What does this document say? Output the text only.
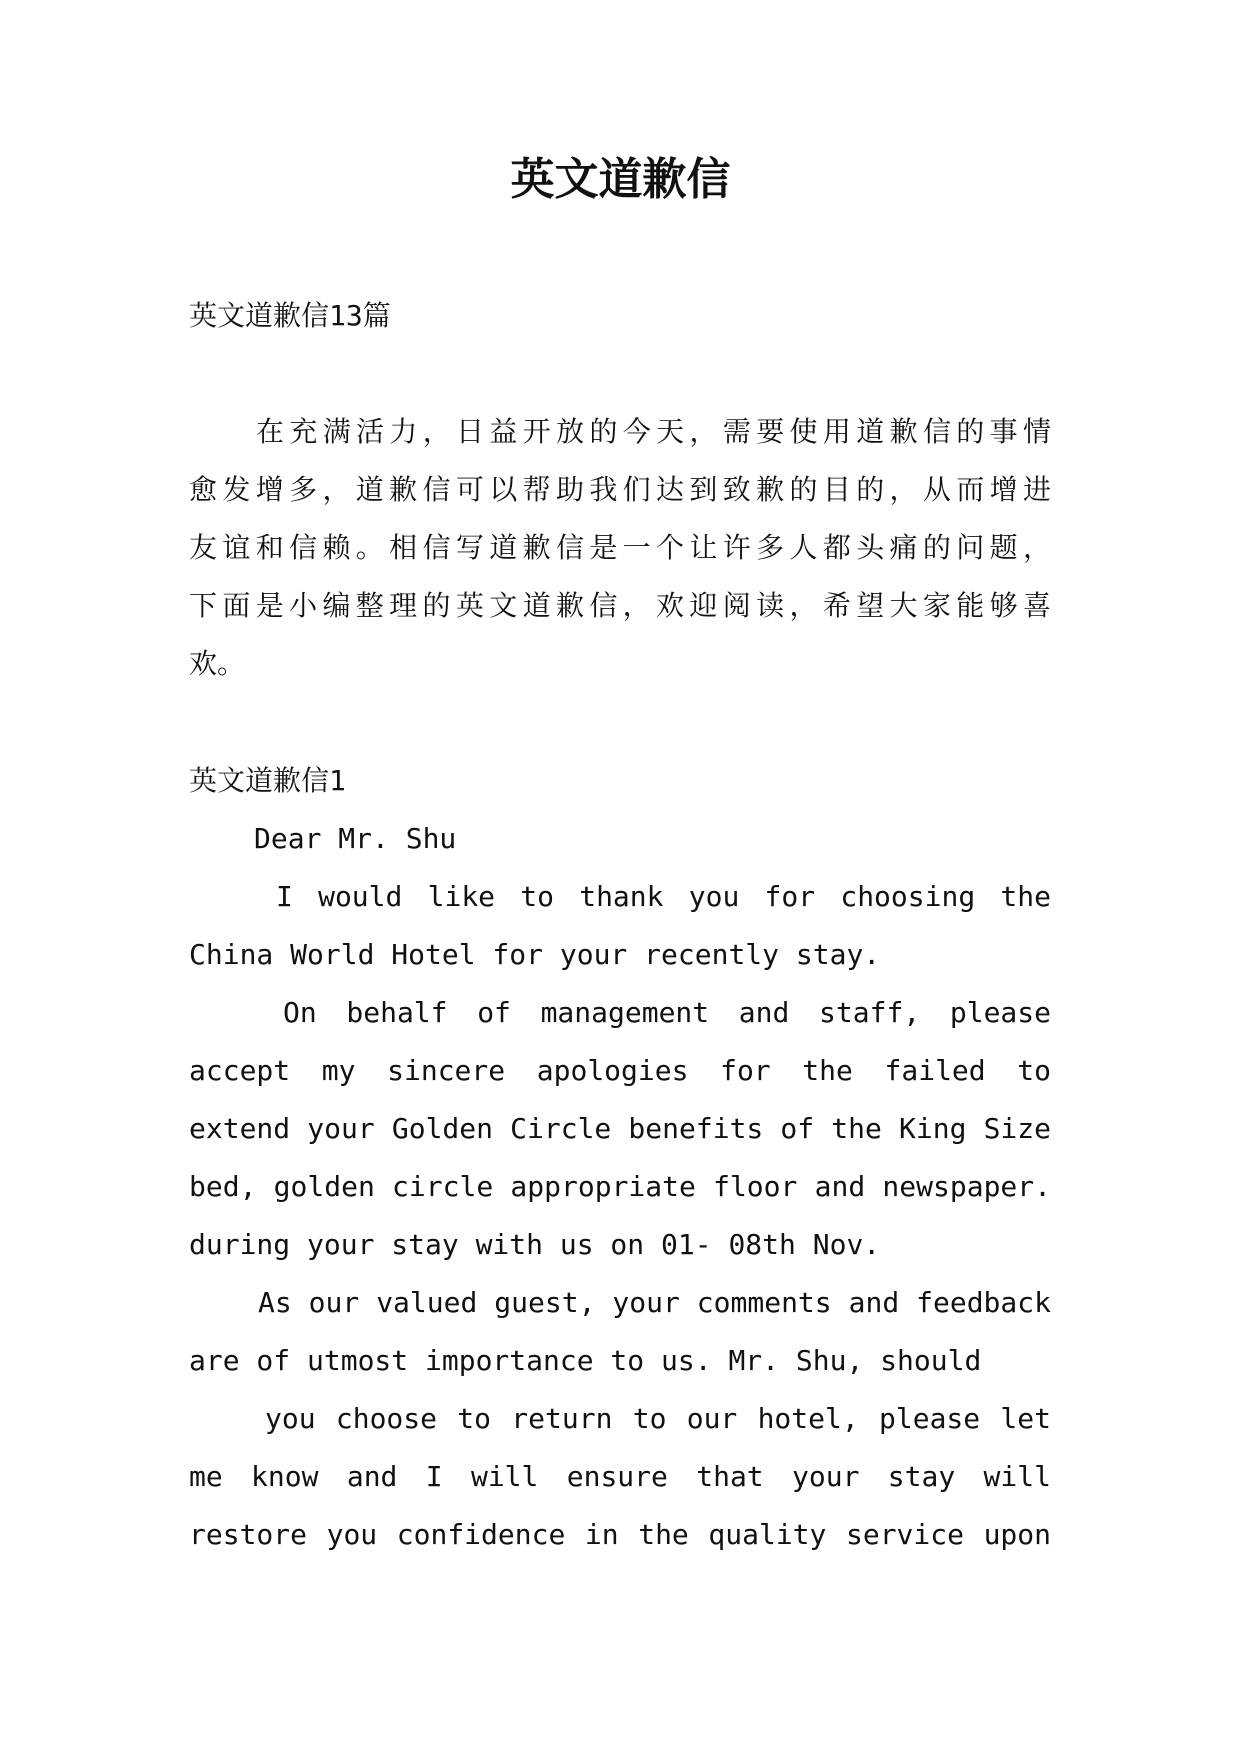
英文道歉信

英文道歉信13篇

在充满活力，日益开放的今天，需要使用道歉信的事情

愈发增多，道歉信可以帮助我们达到致歉的目的，从而增进

友谊和信赖。相信写道歉信是一个让许多人都头痛的问题，

下面是小编整理的英文道歉信，欢迎阅读，希望大家能够喜

欢。

英文道歉信1

Dear Mr. Shu

I would like to thank you for choosing the

China World Hotel for your recently stay.

On behalf of management and staff, please

accept my sincere apologies for the failed to

extend your Golden Circle benefits of the King Size

bed, golden circle appropriate floor and newspaper.

during your stay with us on 01- 08th Nov.

As our valued guest, your comments and feedback

are of utmost importance to us. Mr. Shu, should

you choose to return to our hotel, please let

me know and I will ensure that your stay will

restore you confidence in the quality service upon
